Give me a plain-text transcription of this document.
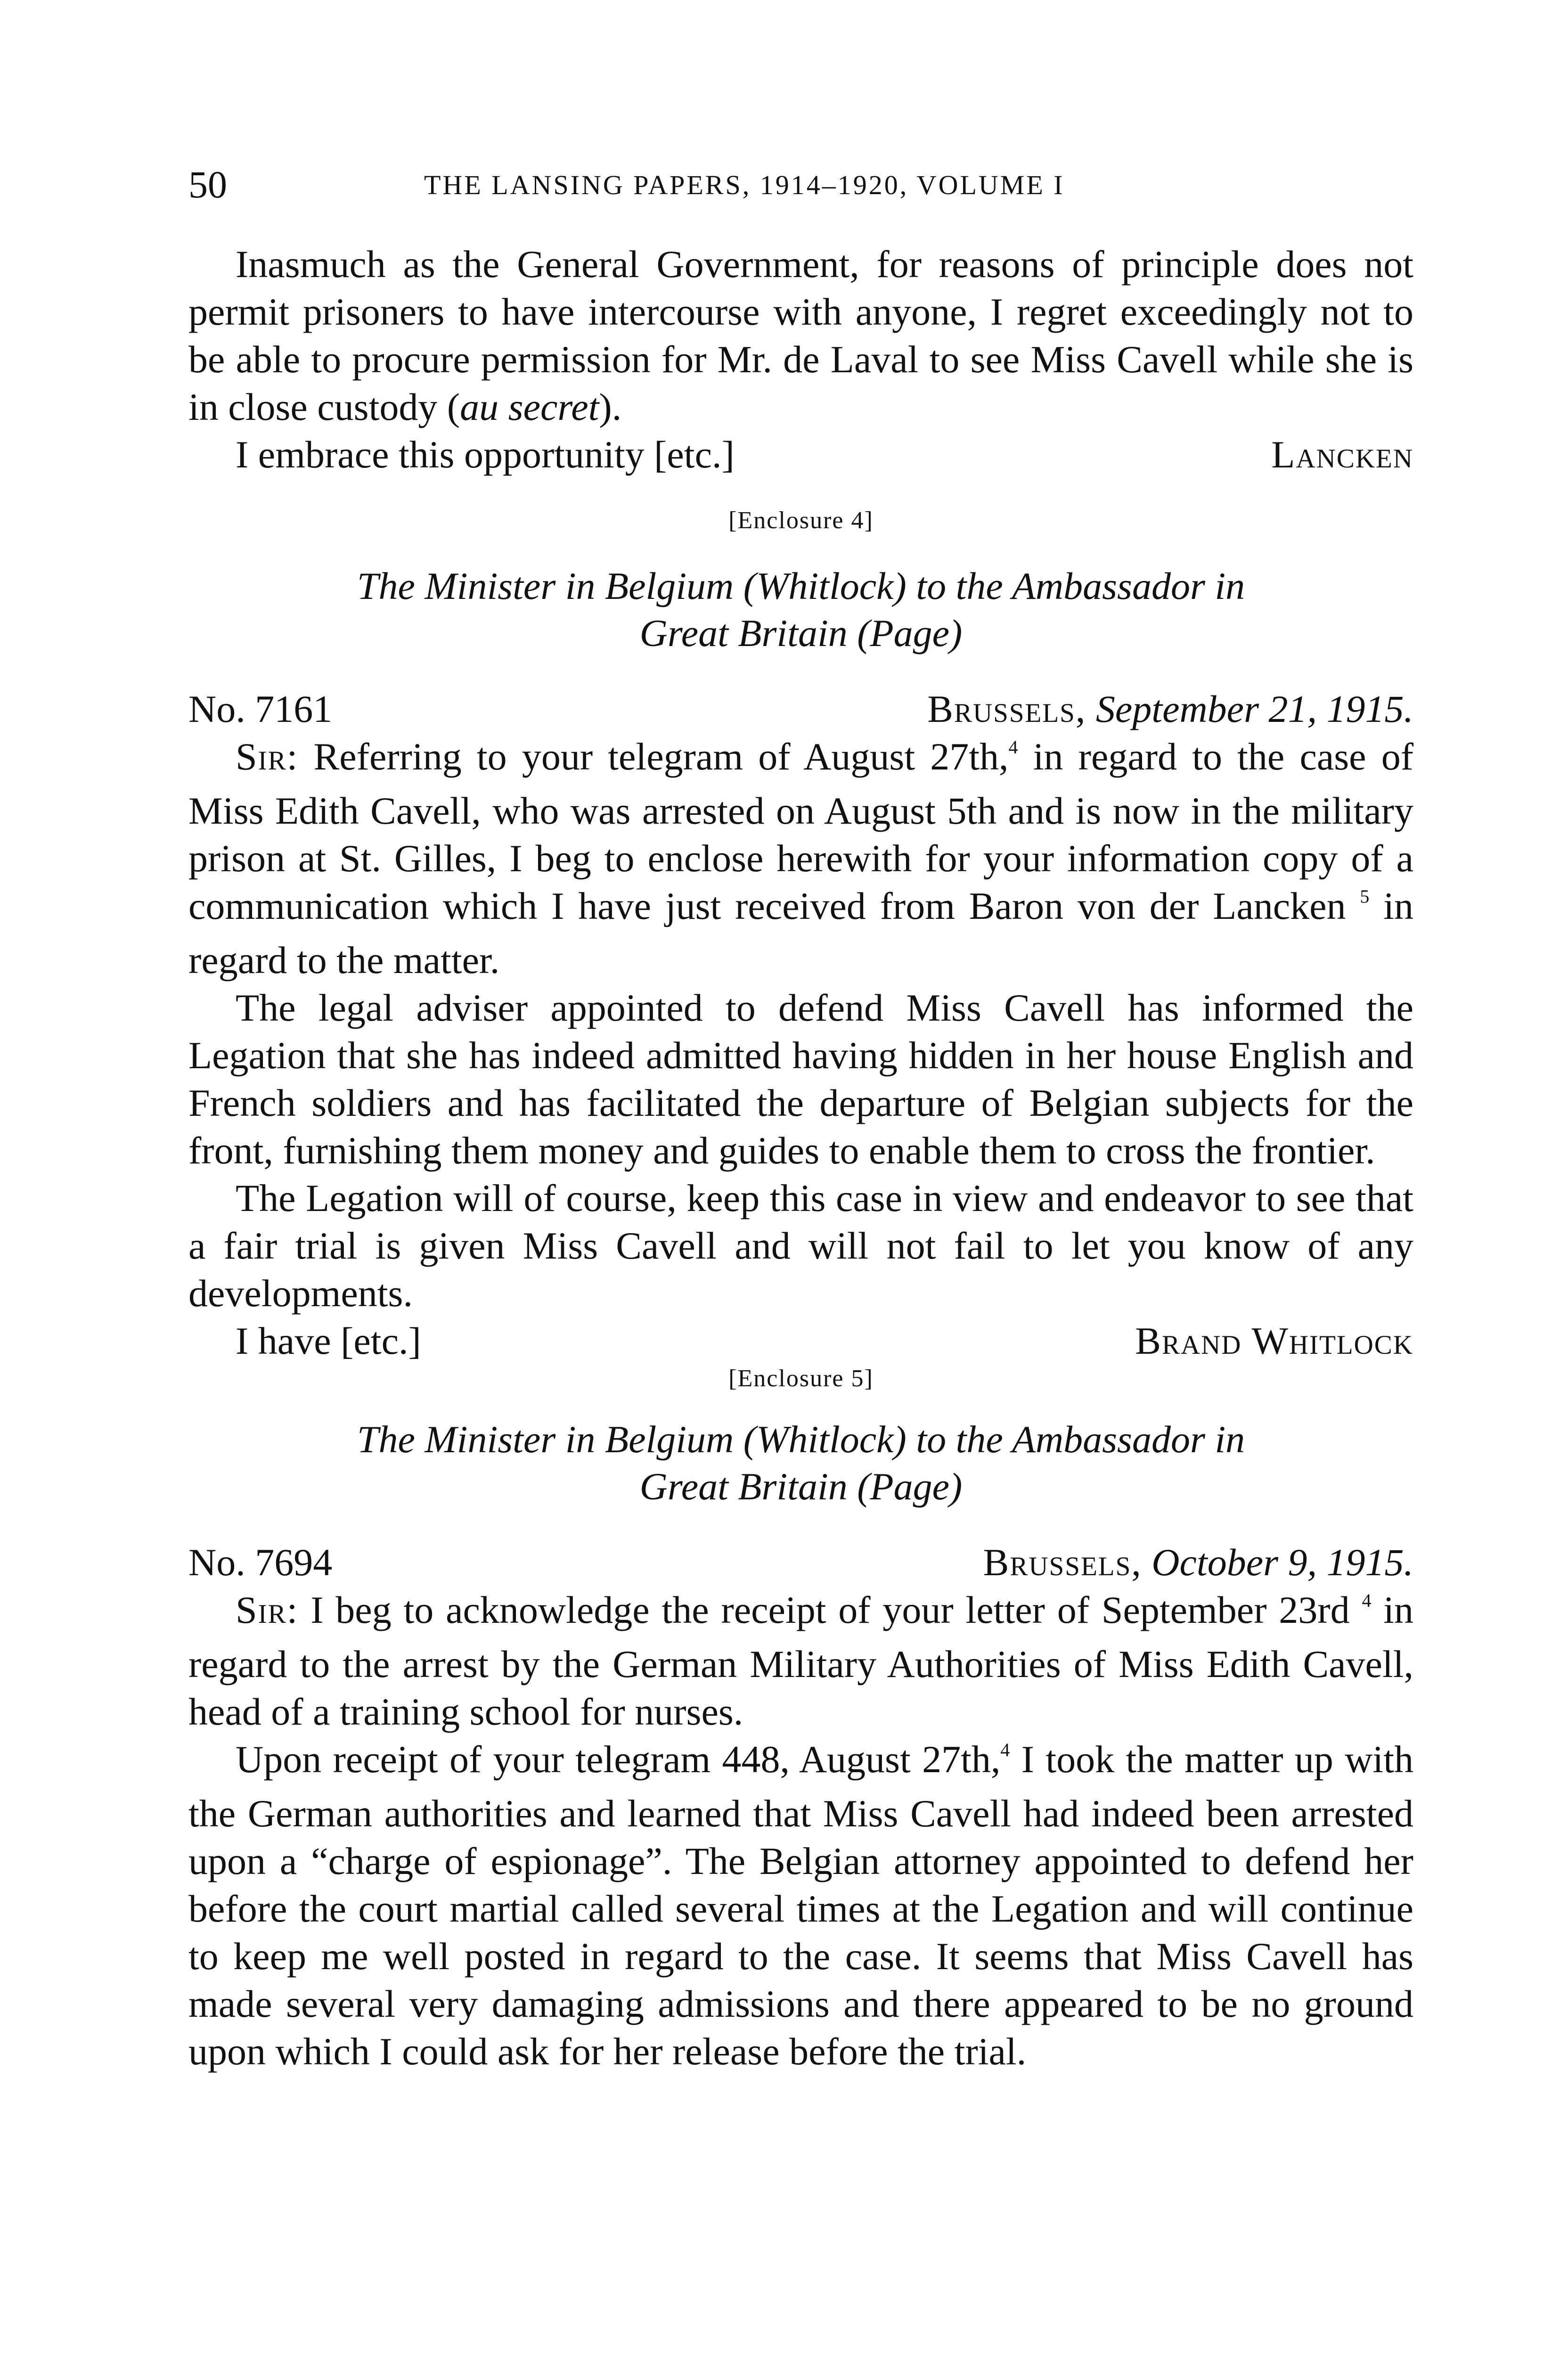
50	THE LANSING PAPERS, 1914–1920, VOLUME I

Inasmuch as the General Government, for reasons of principle does not permit prisoners to have intercourse with anyone, I regret exceedingly not to be able to procure permission for Mr. de Laval to see Miss Cavell while she is in close custody (au secret).

I embrace this opportunity [etc.]	Lancken
[Enclosure 4]
The Minister in Belgium (Whitlock) to the Ambassador in
Great Britain (Page)
No. 7161	Brussels, September 21, 1915.

Sir: Referring to your telegram of August 27th,$^4$ in regard to the case of Miss Edith Cavell, who was arrested on August 5th and is now in the military prison at St. Gilles, I beg to enclose herewith for your information copy of a communication which I have just received from Baron von der Lancken $^5$ in regard to the matter.

The legal adviser appointed to defend Miss Cavell has informed the Legation that she has indeed admitted having hidden in her house English and French soldiers and has facilitated the departure of Belgian subjects for the front, furnishing them money and guides to enable them to cross the frontier.

The Legation will of course, keep this case in view and endeavor to see that a fair trial is given Miss Cavell and will not fail to let you know of any developments.

I have [etc.]	Brand Whitlock
[Enclosure 5]
The Minister in Belgium (Whitlock) to the Ambassador in
Great Britain (Page)
No. 7694	Brussels, October 9, 1915.

Sir: I beg to acknowledge the receipt of your letter of September 23rd $^4$ in regard to the arrest by the German Military Authorities of Miss Edith Cavell, head of a training school for nurses.

Upon receipt of your telegram 448, August 27th,$^4$ I took the matter up with the German authorities and learned that Miss Cavell had indeed been arrested upon a “charge of espionage”. The Belgian attorney appointed to defend her before the court martial called several times at the Legation and will continue to keep me well posted in regard to the case. It seems that Miss Cavell has made several very damaging admissions and there appeared to be no ground upon which I could ask for her release before the trial.
